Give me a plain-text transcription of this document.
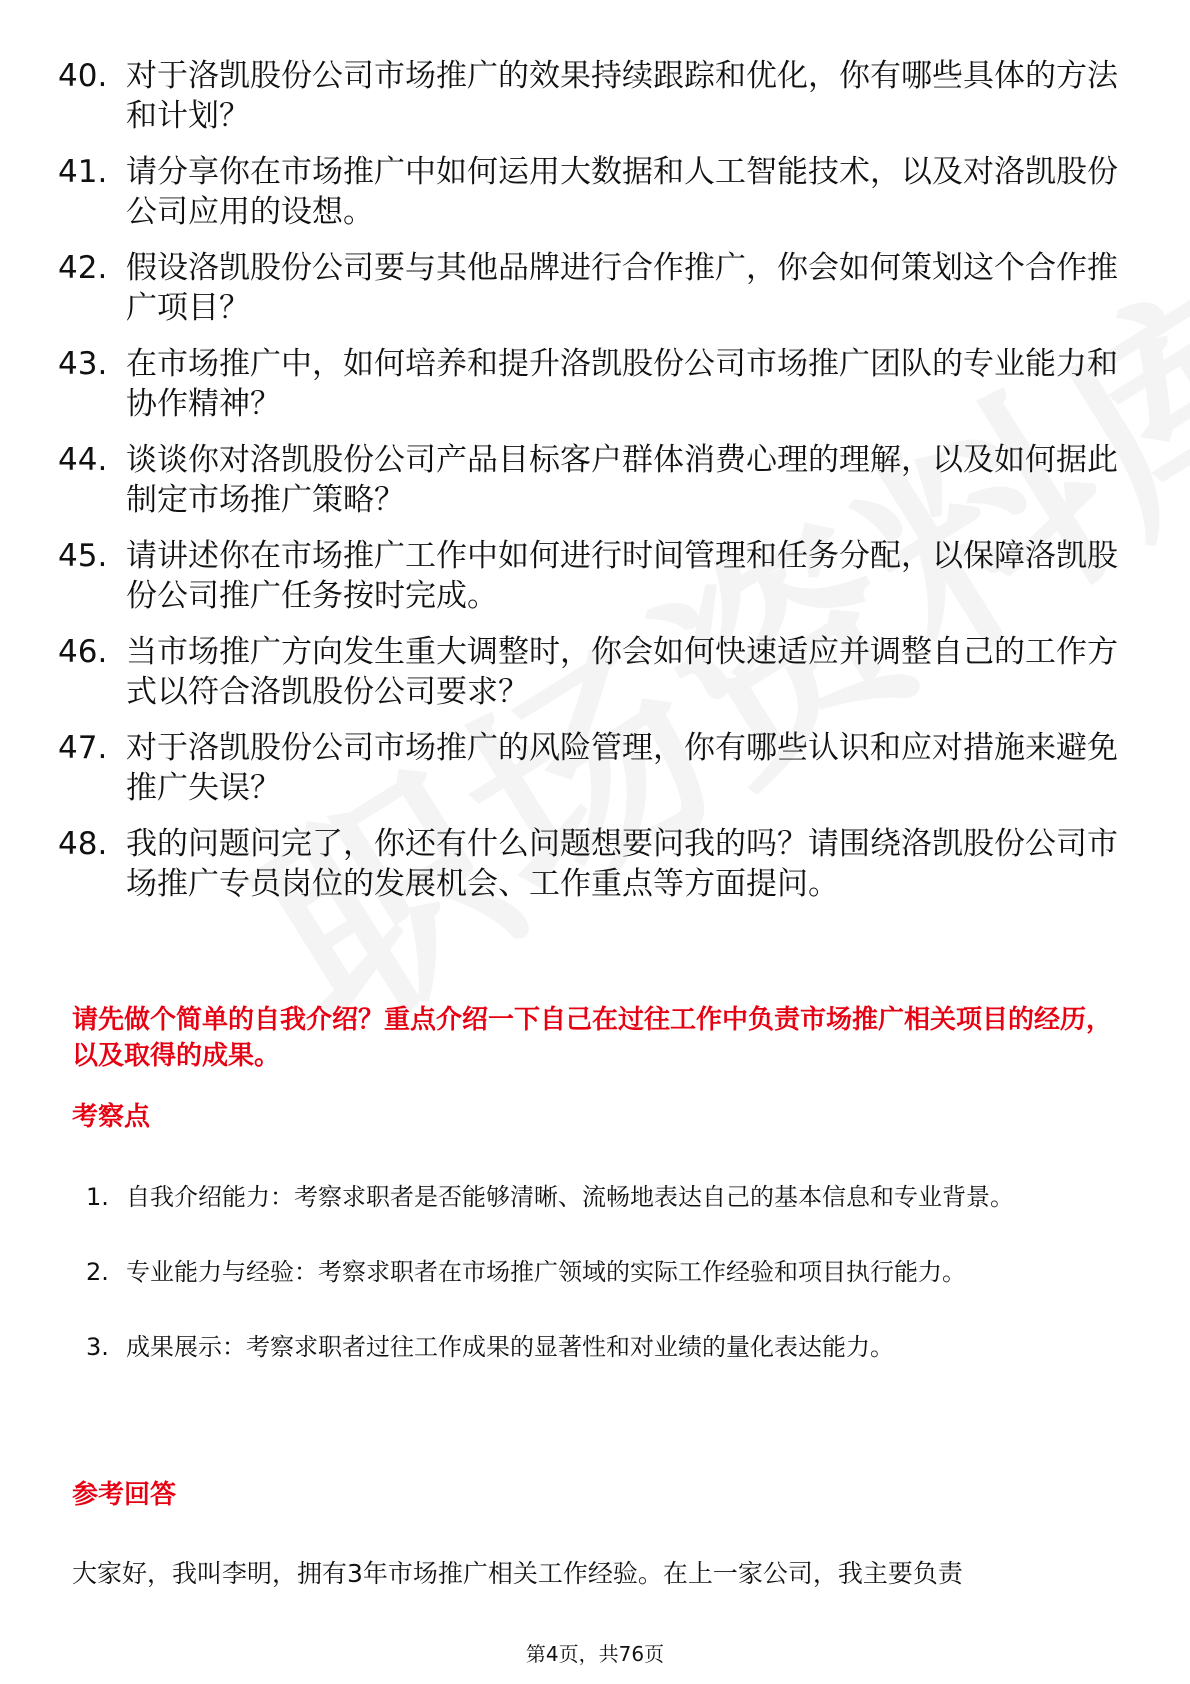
40. 对于洛凯股份公司市场推广的效果持续跟踪和优化，你有哪些具体的方法和计划？
41. 请分享你在市场推广中如何运用大数据和人工智能技术，以及对洛凯股份公司应用的设想。
42. 假设洛凯股份公司要与其他品牌进行合作推广，你会如何策划这个合作推广项目？
43. 在市场推广中，如何培养和提升洛凯股份公司市场推广团队的专业能力和协作精神？
44. 谈谈你对洛凯股份公司产品目标客户群体消费心理的理解，以及如何据此制定市场推广策略？
45. 请讲述你在市场推广工作中如何进行时间管理和任务分配，以保障洛凯股份公司推广任务按时完成。
46. 当市场推广方向发生重大调整时，你会如何快速适应并调整自己的工作方式以符合洛凯股份公司要求？
47. 对于洛凯股份公司市场推广的风险管理，你有哪些认识和应对措施来避免推广失误？
48. 我的问题问完了，你还有什么问题想要问我的吗？请围绕洛凯股份公司市场推广专员岗位的发展机会、工作重点等方面提问。
请先做个简单的自我介绍？重点介绍一下自己在过往工作中负责市场推广相关项目的经历，以及取得的成果。
考察点
1. 自我介绍能力：考察求职者是否能够清晰、流畅地表达自己的基本信息和专业背景。
2. 专业能力与经验：考察求职者在市场推广领域的实际工作经验和项目执行能力。
3. 成果展示：考察求职者过往工作成果的显著性和对业绩的量化表达能力。
参考回答
大家好，我叫李明，拥有3年市场推广相关工作经验。在上一家公司，我主要负责
第4页，共76页
